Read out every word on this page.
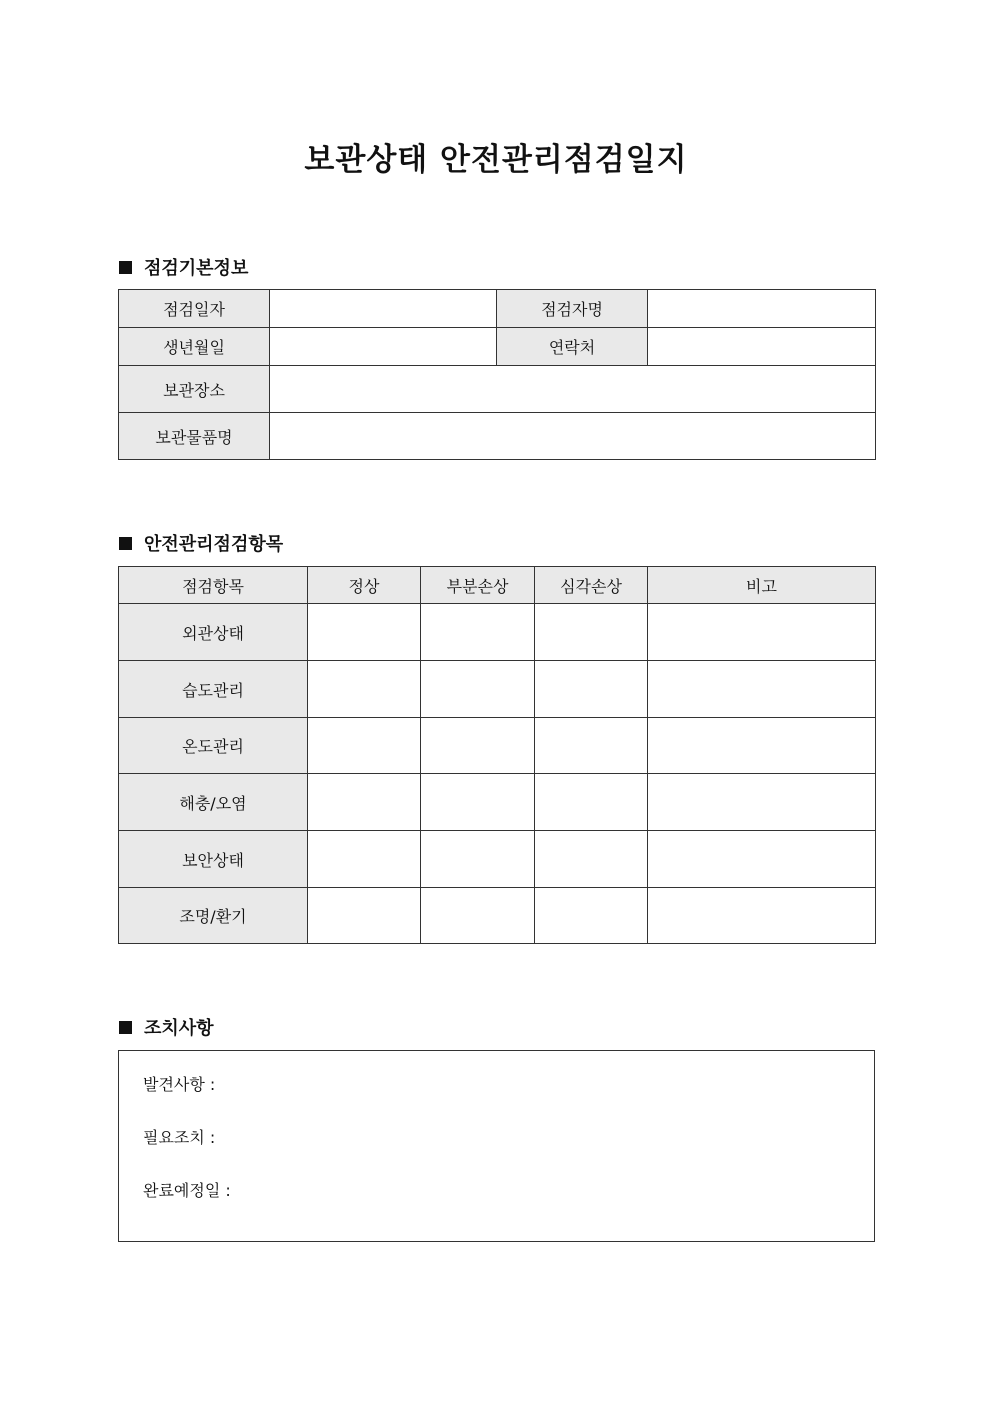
보관상태 안전관리점검일지
점검기본정보
점검일자		점검자명	
생년월일		연락처	
보관장소			
보관물품명			
안전관리점검항목
점검항목	정상	부분손상	심각손상	비고
외관상태				
습도관리				
온도관리				
해충/오염				
보안상태				
조명/환기				
조치사항
발견사항 :
필요조치 :
완료예정일 :
